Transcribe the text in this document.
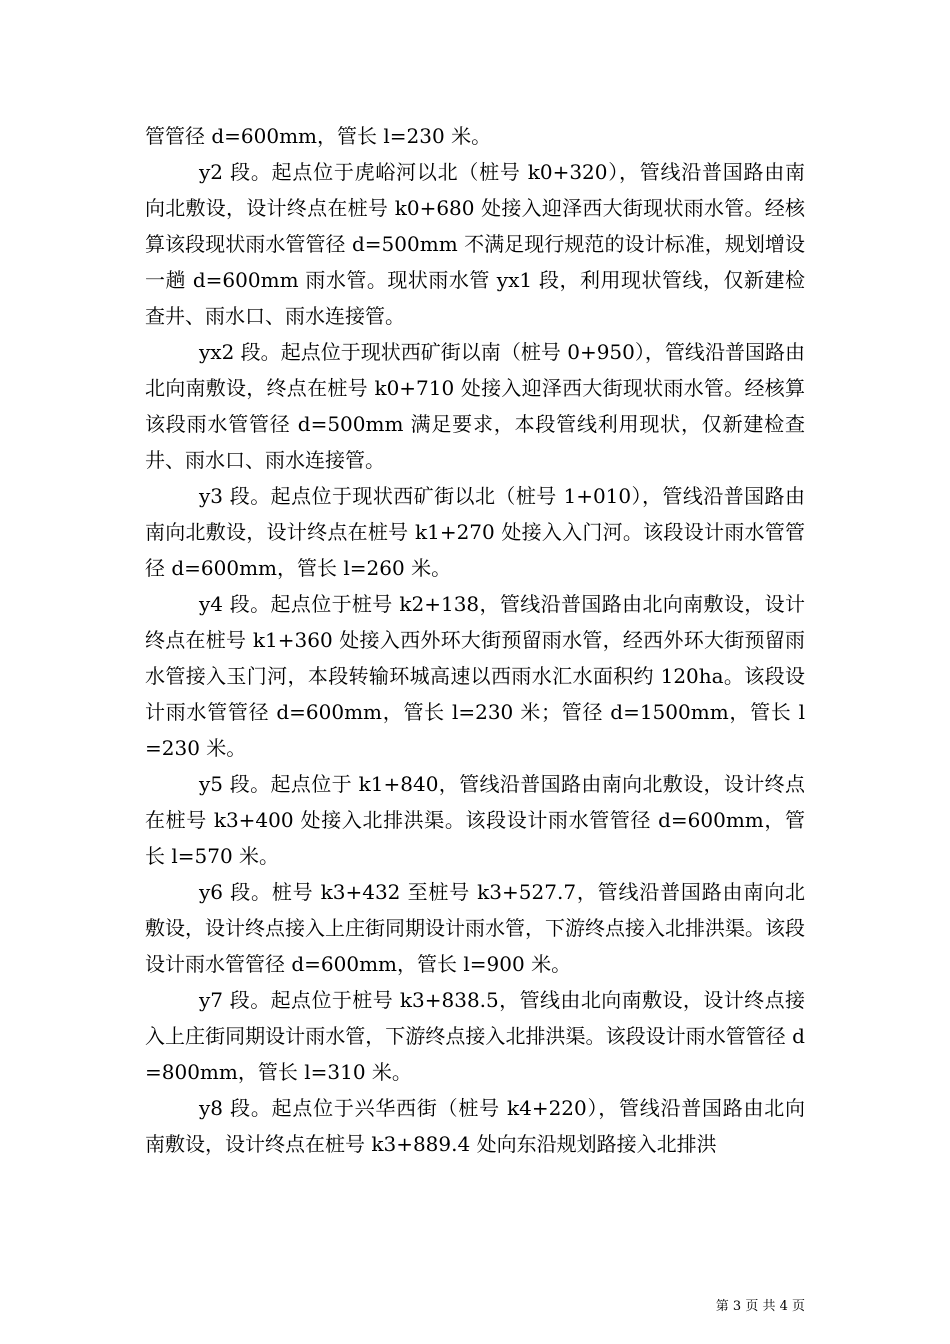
管管径 d=600mm，管长 l=230 米。

y2 段。起点位于虎峪河以北（桩号 k0+320），管线沿普国路由南向北敷设，设计终点在桩号 k0+680 处接入迎泽西大街现状雨水管。经核算该段现状雨水管管径 d=500mm 不满足现行规范的设计标准，规划增设一趟 d=600mm 雨水管。现状雨水管 yx1 段，利用现状管线，仅新建检查井、雨水口、雨水连接管。

yx2 段。起点位于现状西矿街以南（桩号 0+950），管线沿普国路由北向南敷设，终点在桩号 k0+710 处接入迎泽西大街现状雨水管。经核算该段雨水管管径 d=500mm 满足要求，本段管线利用现状，仅新建检查井、雨水口、雨水连接管。

y3 段。起点位于现状西矿街以北（桩号 1+010），管线沿普国路由南向北敷设，设计终点在桩号 k1+270 处接入入门河。该段设计雨水管管径 d=600mm，管长 l=260 米。

y4 段。起点位于桩号 k2+138，管线沿普国路由北向南敷设，设计终点在桩号 k1+360 处接入西外环大街预留雨水管，经西外环大街预留雨水管接入玉门河，本段转输环城高速以西雨水汇水面积约 120ha。该段设计雨水管管径 d=600mm，管长 l=230 米；管径 d=1500mm，管长 l=230 米。

y5 段。起点位于 k1+840，管线沿普国路由南向北敷设，设计终点在桩号 k3+400 处接入北排洪渠。该段设计雨水管管径 d=600mm，管长 l=570 米。

y6 段。桩号 k3+432 至桩号 k3+527.7，管线沿普国路由南向北敷设，设计终点接入上庄街同期设计雨水管，下游终点接入北排洪渠。该段设计雨水管管径 d=600mm，管长 l=900 米。

y7 段。起点位于桩号 k3+838.5，管线由北向南敷设，设计终点接入上庄街同期设计雨水管，下游终点接入北排洪渠。该段设计雨水管管径 d=800mm，管长 l=310 米。

y8 段。起点位于兴华西街（桩号 k4+220），管线沿普国路由北向南敷设，设计终点在桩号 k3+889.4 处向东沿规划路接入北排洪

第 3 页 共 4 页
